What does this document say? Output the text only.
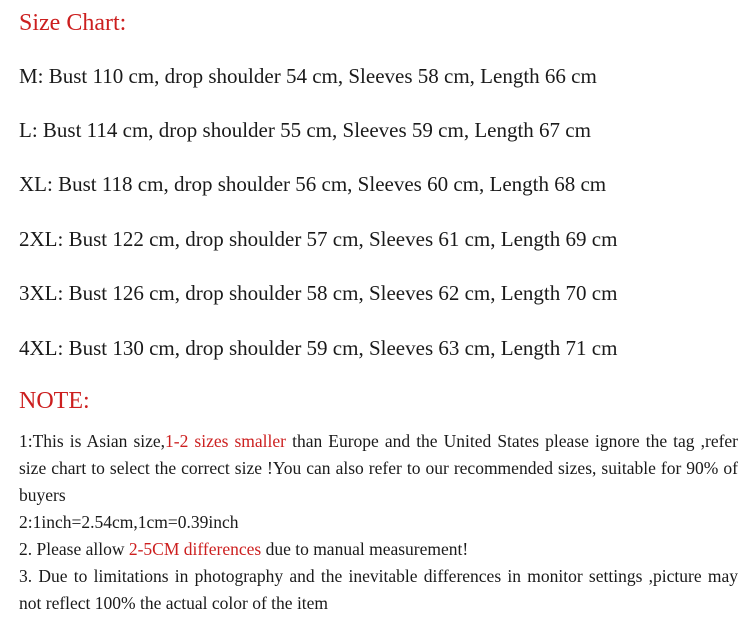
Size Chart:
M: Bust 110 cm, drop shoulder 54 cm, Sleeves 58 cm, Length 66 cm
L: Bust 114 cm, drop shoulder 55 cm, Sleeves 59 cm, Length 67 cm
XL: Bust 118 cm, drop shoulder 56 cm, Sleeves 60 cm, Length 68 cm
2XL: Bust 122 cm, drop shoulder 57 cm, Sleeves 61 cm, Length 69 cm
3XL: Bust 126 cm, drop shoulder 58 cm, Sleeves 62 cm, Length 70 cm
4XL: Bust 130 cm, drop shoulder 59 cm, Sleeves 63 cm, Length 71 cm
NOTE:

1:This is Asian size,1-2 sizes smaller than Europe and the United States please ignore the tag ,refer size chart to select the correct size !You can also refer to our recommended sizes, suitable for 90% of buyers

2:1inch=2.54cm,1cm=0.39inch

2. Please allow 2-5CM differences due to manual measurement!

3. Due to limitations in photography and the inevitable differences in monitor settings ,picture may not reflect 100% the actual color of the item
